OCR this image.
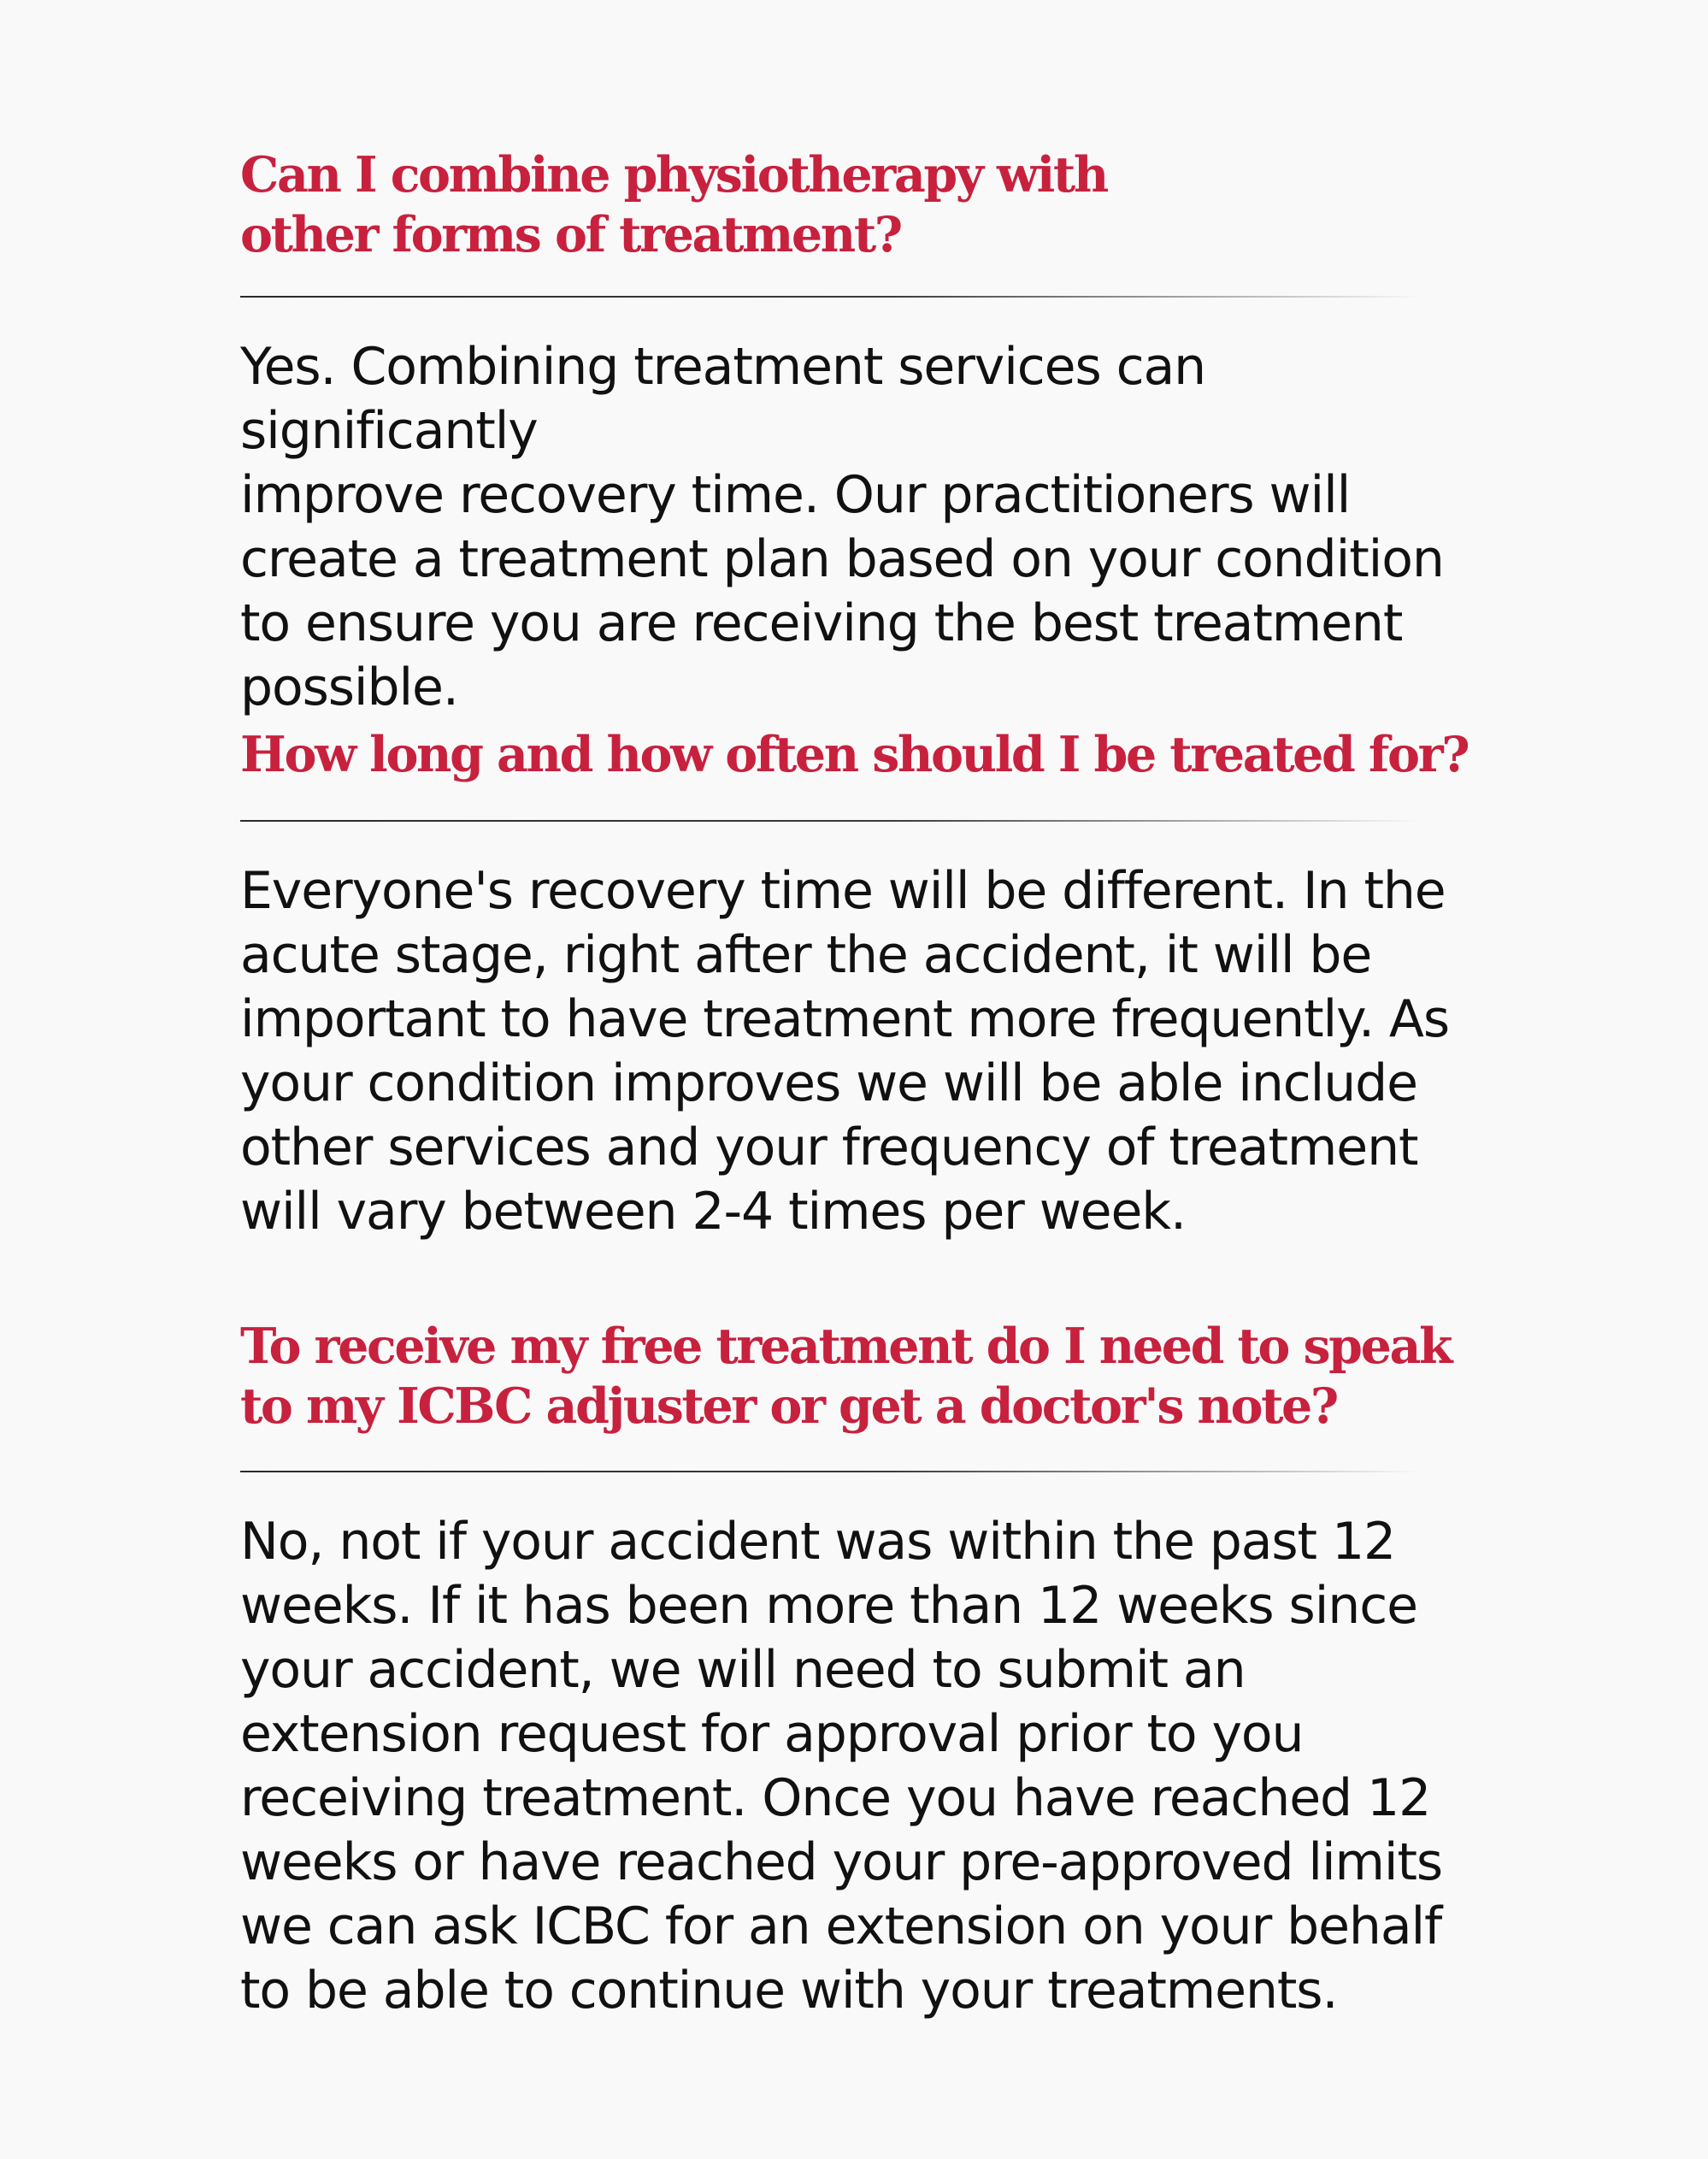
Can I combine physiotherapy with
other forms of treatment?

Yes. Combining treatment services can significantly
improve recovery time. Our practitioners will
create a treatment plan based on your condition
to ensure you are receiving the best treatment
possible.

How long and how often should I be treated for?

Everyone's recovery time will be different. In the
acute stage, right after the accident, it will be
important to have treatment more frequently. As
your condition improves we will be able include
other services and your frequency of treatment
will vary between 2-4 times per week.

To receive my free treatment do I need to speak
to my ICBC adjuster or get a doctor's note?

No, not if your accident was within the past 12
weeks. If it has been more than 12 weeks since
your accident, we will need to submit an
extension request for approval prior to you
receiving treatment. Once you have reached 12
weeks or have reached your pre-approved limits
we can ask ICBC for an extension on your behalf
to be able to continue with your treatments.
